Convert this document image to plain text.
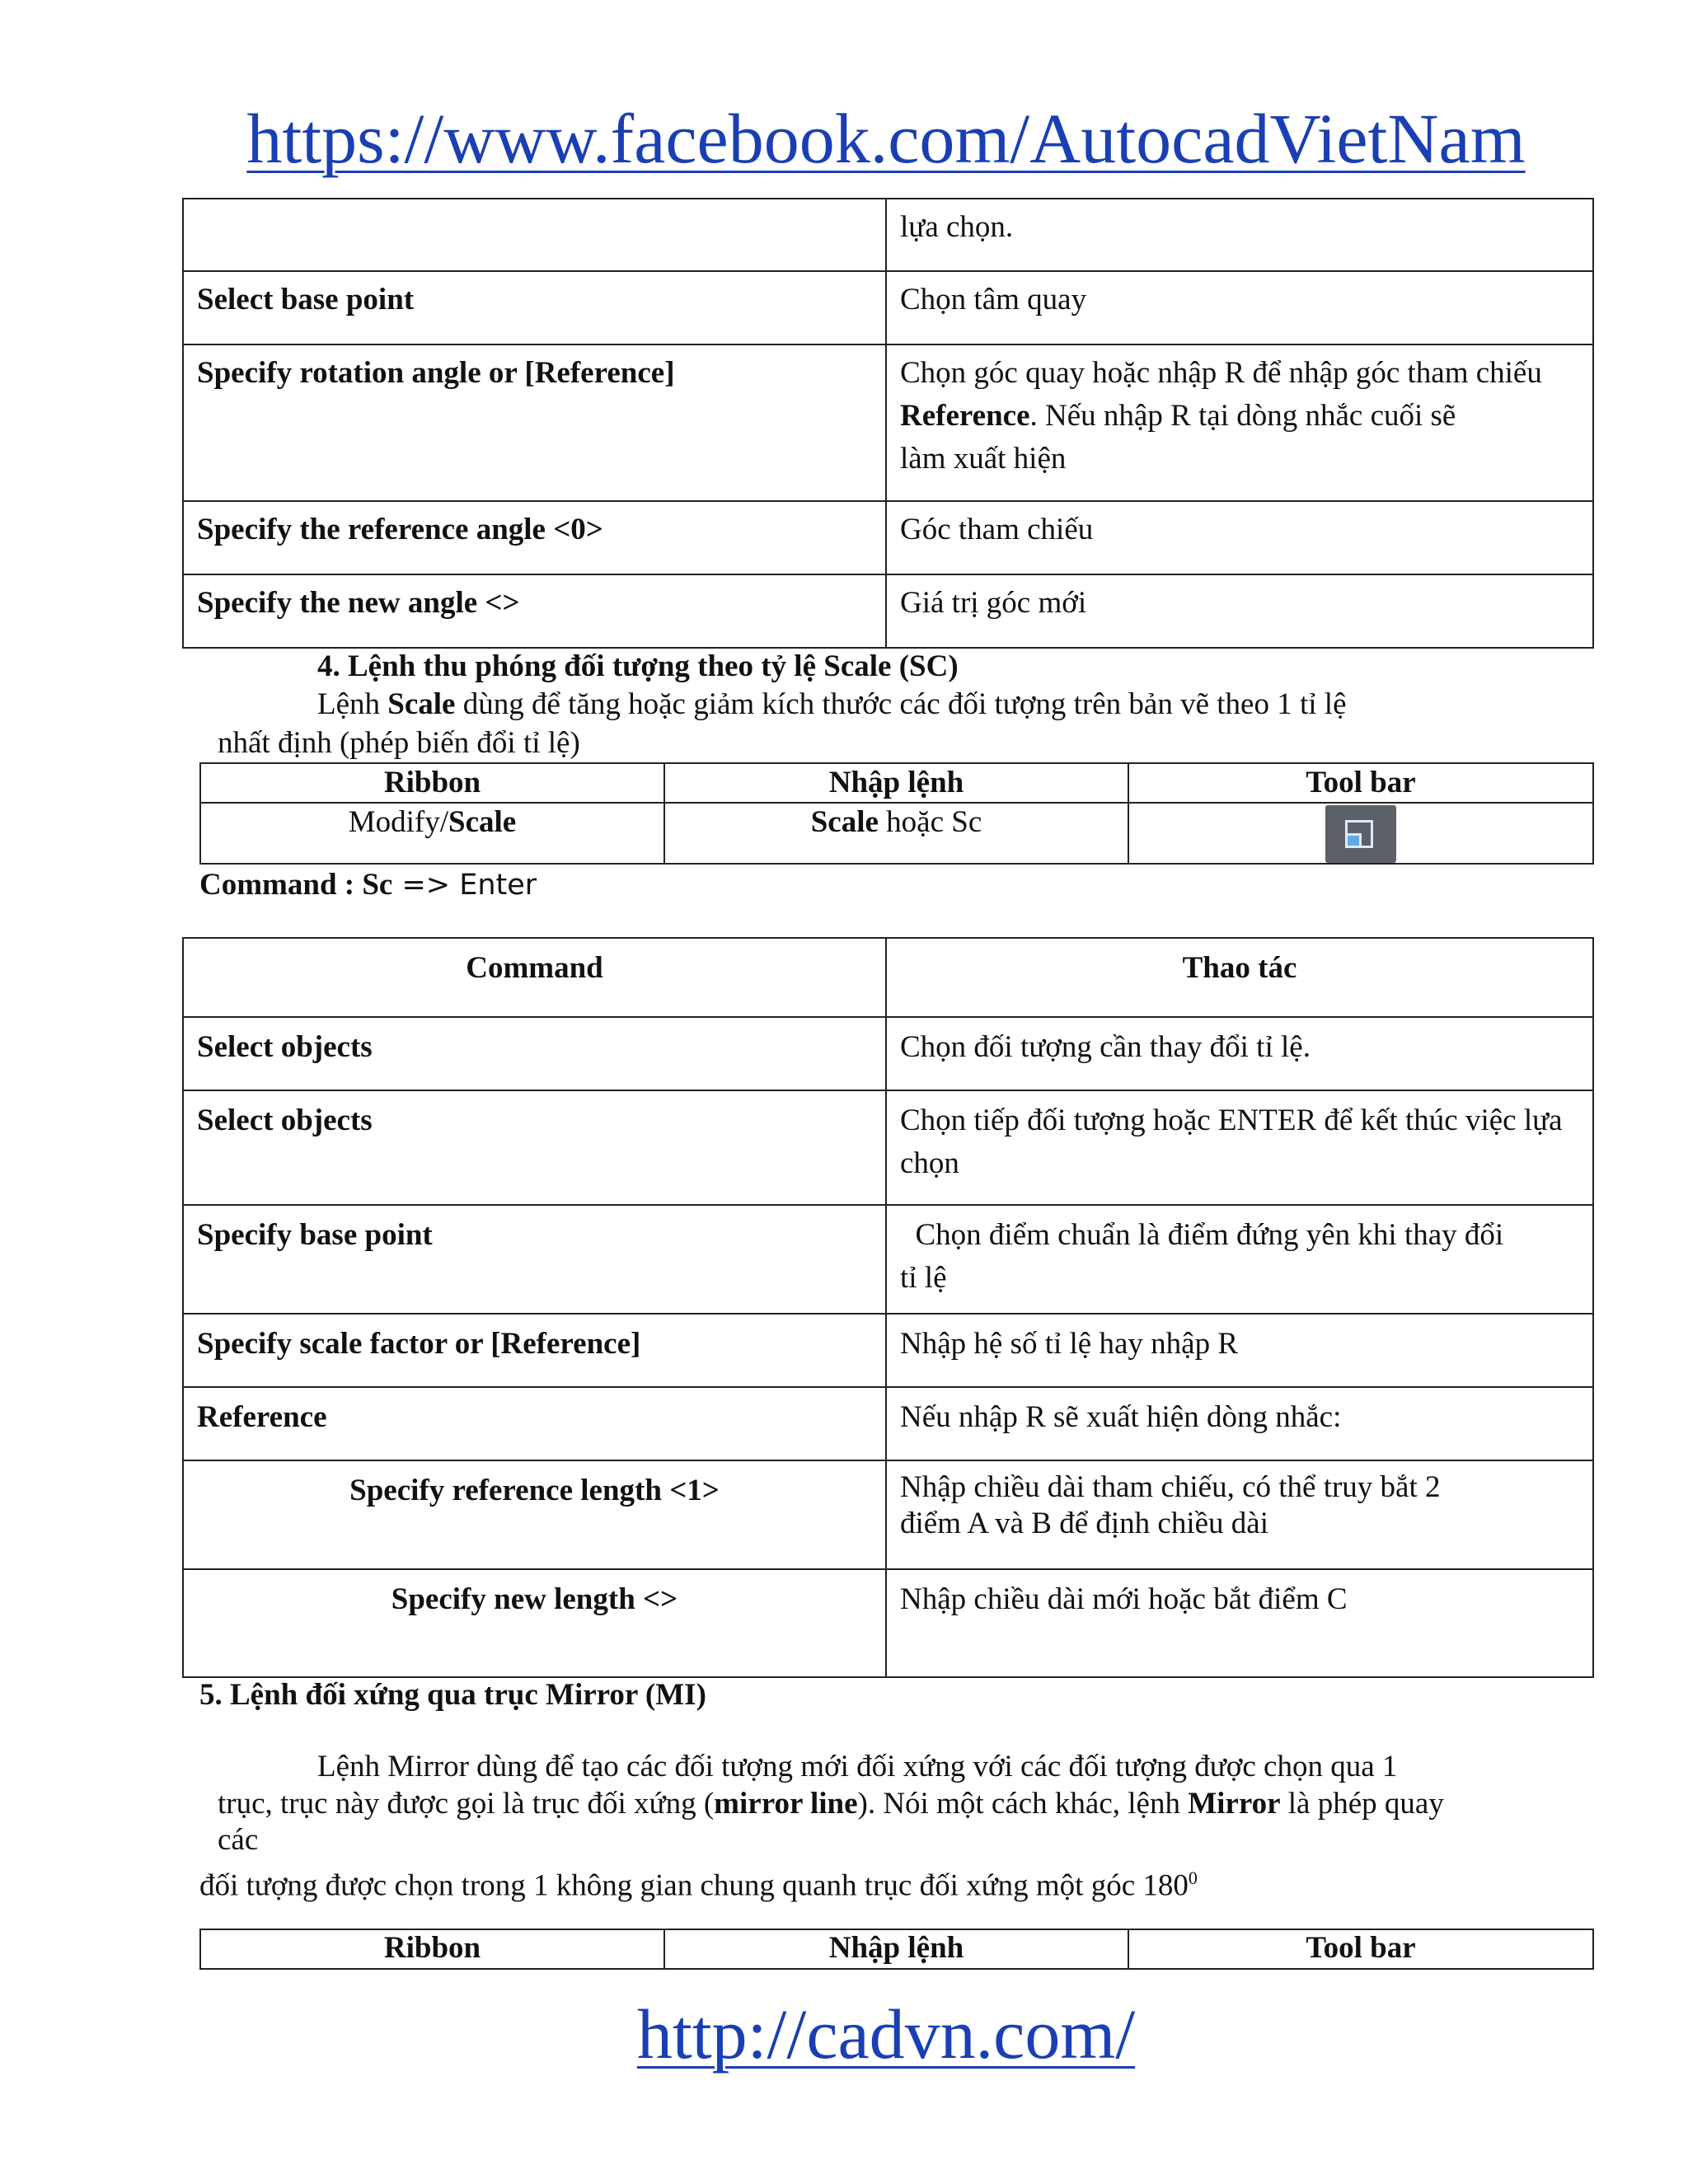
https://www.facebook.com/AutocadVietNam
	lựa chọn.
Select base point	Chọn tâm quay
Specify rotation angle or [Reference]	Chọn góc quay hoặc nhập R để nhập góc tham chiếu
Reference. Nếu nhập R tại dòng nhắc cuối sẽ
làm xuất hiện

Specify the reference angle <0>	Góc tham chiếu
Specify the new angle <>	Giá trị góc mới
4. Lệnh thu phóng đối tượng theo tỷ lệ Scale (SC)
Lệnh Scale dùng để tăng hoặc giảm kích thước các đối tượng trên bản vẽ theo 1 tỉ lệ
nhất định (phép biến đổi tỉ lệ)
Ribbon	Nhập lệnh	Tool bar
Modify/Scale	Scale hoặc Sc	
Command : Sc => Enter
Command	Thao tác
Select objects	Chọn đối tượng cần thay đổi tỉ lệ.
Select objects	Chọn tiếp đối tượng hoặc ENTER để kết thúc việc lựa
chọn

Specify base point	Chọn điểm chuẩn là điểm đứng yên khi thay đổi
tỉ lệ

Specify scale factor or [Reference]	Nhập hệ số tỉ lệ hay nhập R
Reference	Nếu nhập R sẽ xuất hiện dòng nhắc:
Specify reference length <1>	Nhập chiều dài tham chiếu, có thể truy bắt 2
điểm A và B để định chiều dài

Specify new length <>	Nhập chiều dài mới hoặc bắt điểm C
5. Lệnh đối xứng qua trục Mirror (MI)
Lệnh Mirror dùng để tạo các đối tượng mới đối xứng với các đối tượng được chọn qua 1
trục, trục này được gọi là trục đối xứng (mirror line). Nói một cách khác, lệnh Mirror là phép quay
các
đối tượng được chọn trong 1 không gian chung quanh trục đối xứng một góc $180^0$
Ribbon	Nhập lệnh	Tool bar
http://cadvn.com/
